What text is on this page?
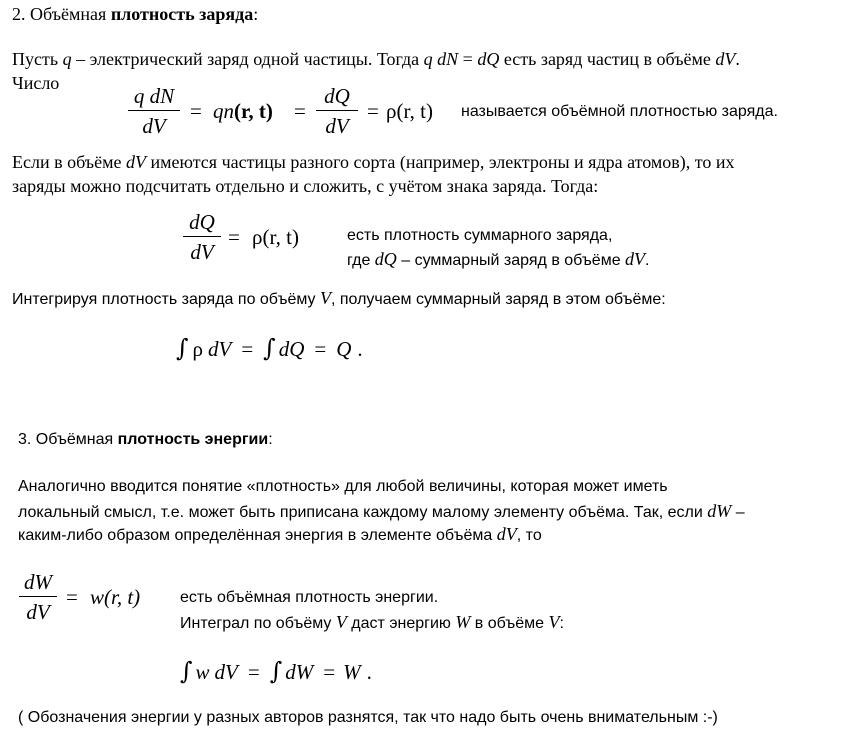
2. Объёмная плотность заряда:
Пусть q – электрический заряд одной частицы. Тогда q dN = dQ есть заряд частиц в объёме dV.
Число
q dN
dV
= qn(r, t) =
dQ
dV
= ρ(r, t) называется объёмной плотностью заряда.
Если в объёме dV имеются частицы разного сорта (например, электроны и ядра атомов), то их
заряды можно подсчитать отдельно и сложить, с учётом знака заряда. Тогда:
dQ
dV
= ρ(r, t)	есть плотность суммарного заряда,
где dQ – суммарный заряд в объёме dV.
Интегрируя плотность заряда по объёму V, получаем суммарный заряд в этом объёме:
∫ ρ dV = ∫ dQ = Q .
3. Объёмная плотность энергии:
Аналогично вводится понятие «плотность» для любой величины, которая может иметь
локальный смысл, т.е. может быть приписана каждому малому элементу объёма. Так, если dW –
каким-либо образом определённая энергия в элементе объёма dV, то
dW
dV
= w(r, t) есть объёмная плотность энергии.
Интеграл по объёму V даст энергию W в объёме V:
∫ w dV = ∫ dW = W .
( Обозначения энергии у разных авторов разнятся, так что надо быть очень внимательным :-)
